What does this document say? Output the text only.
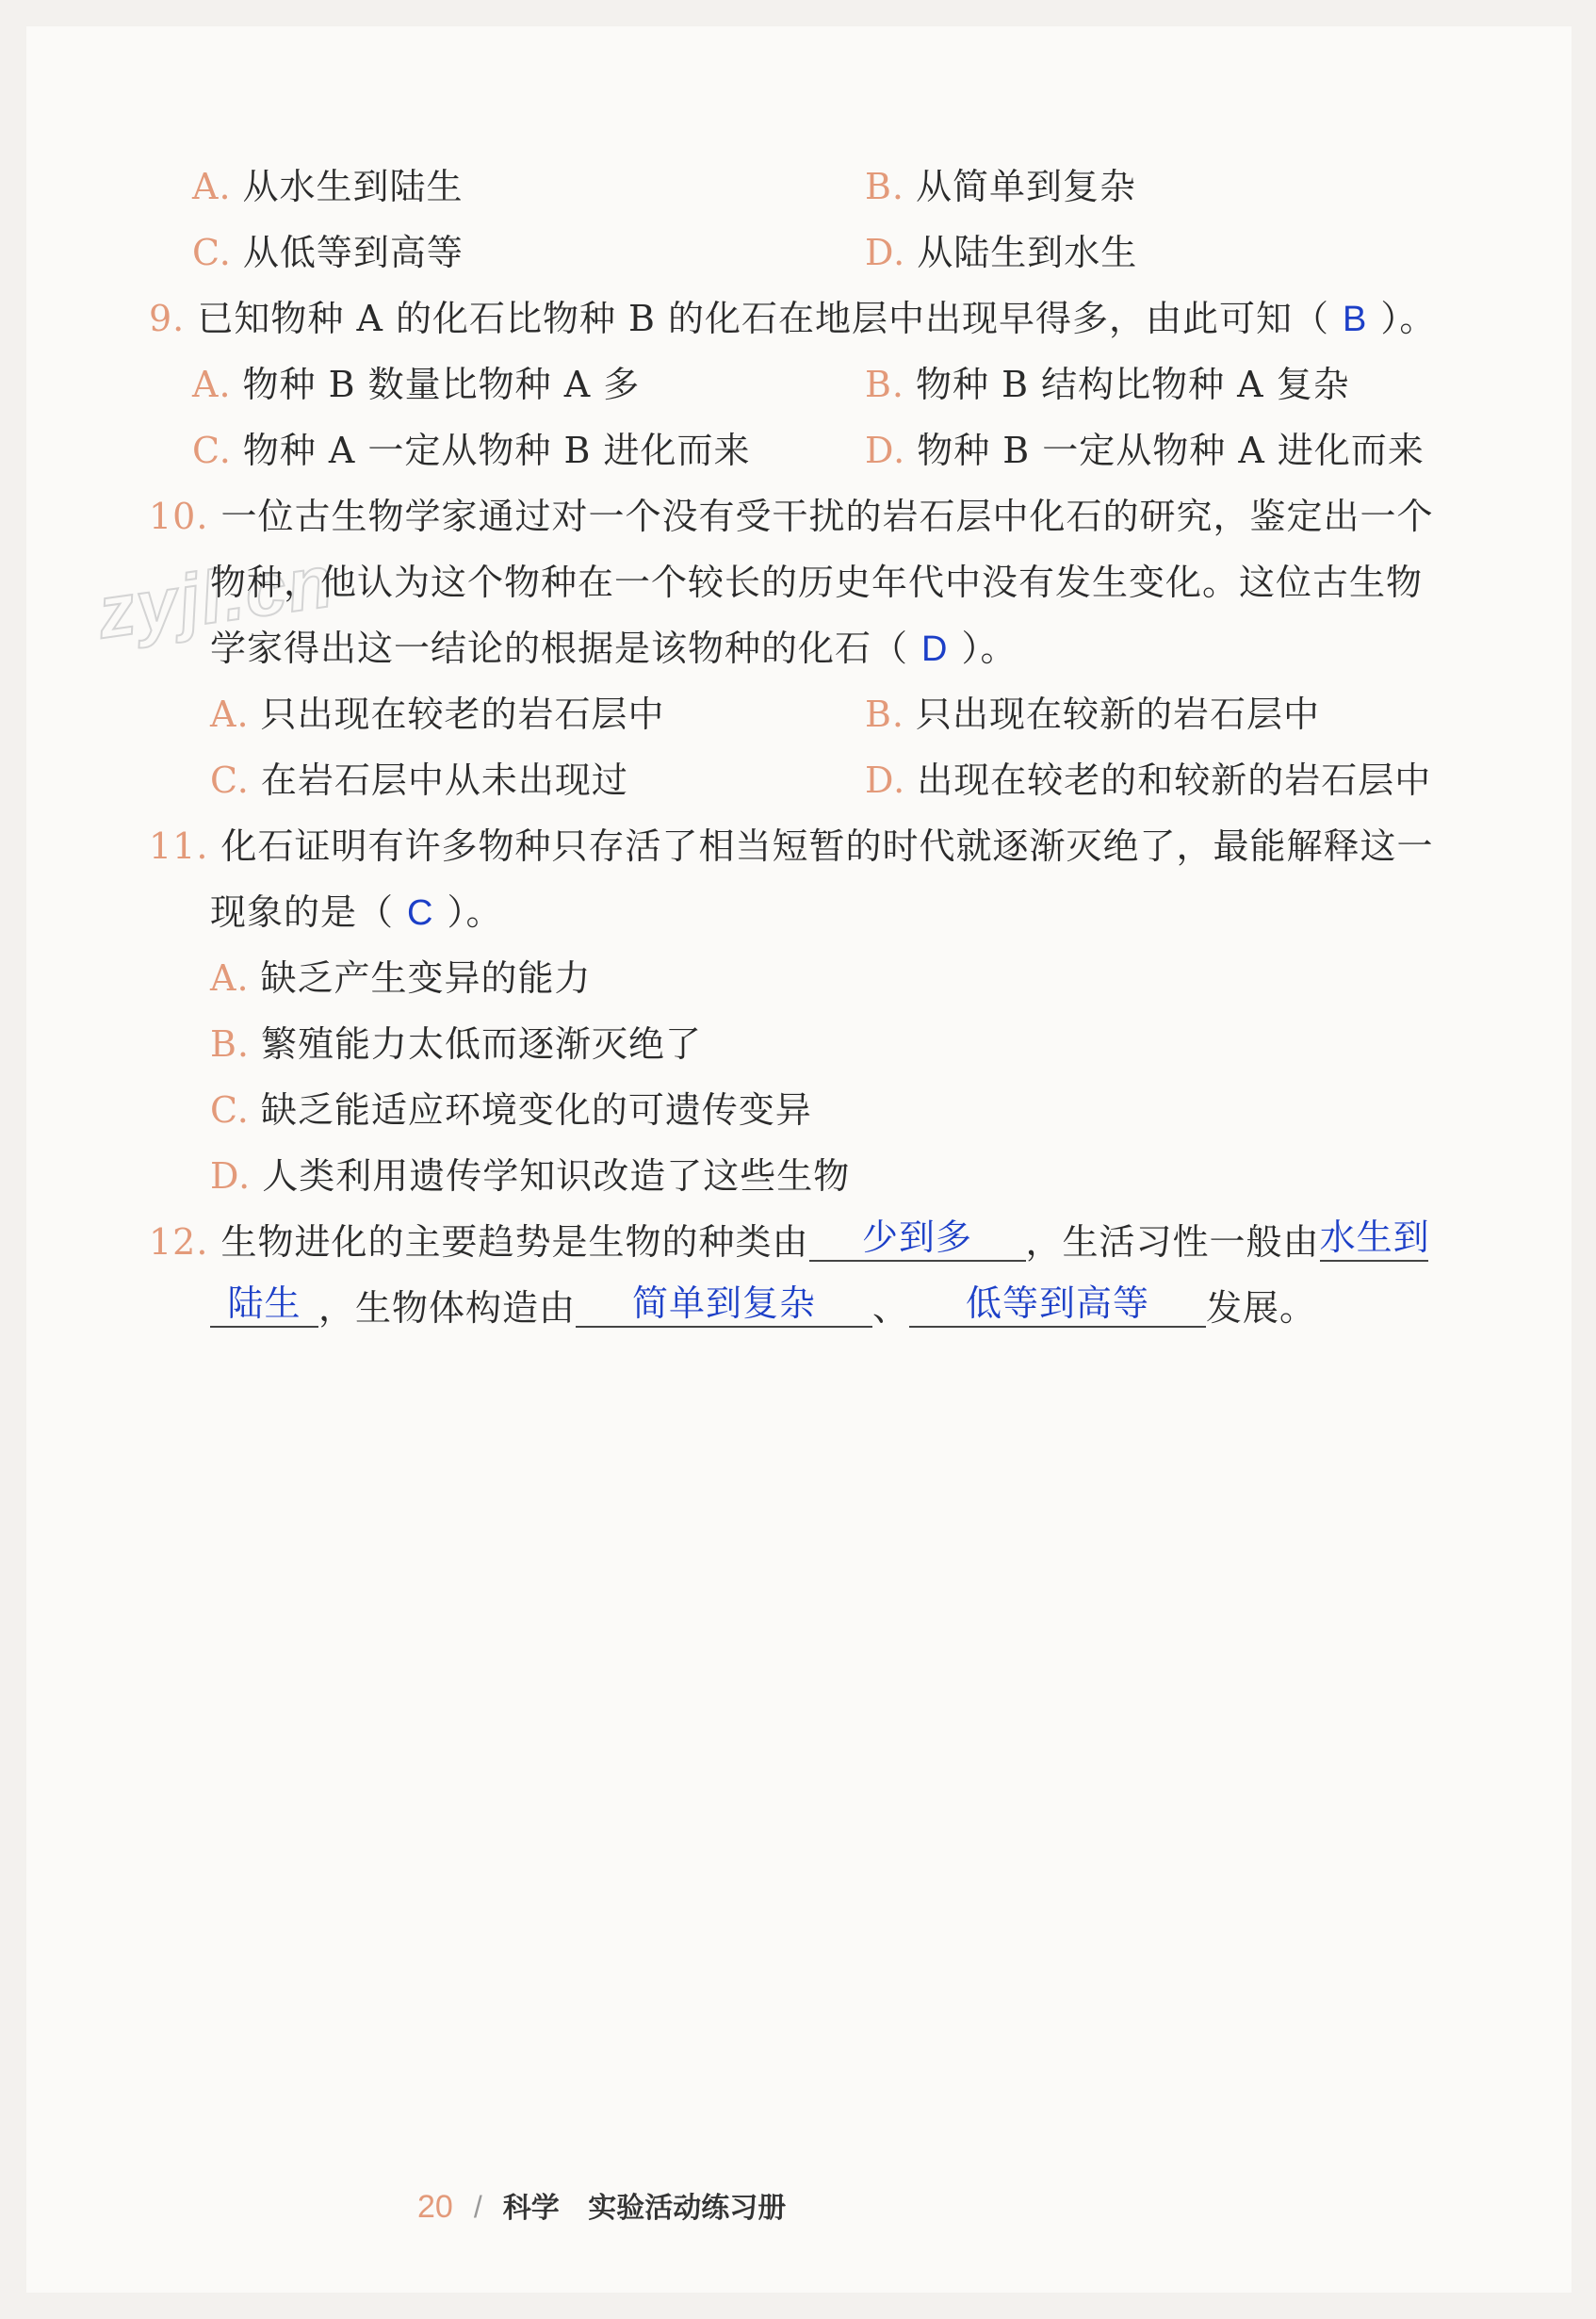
zyjl.cn
A. 从水生到陆生	B. 从简单到复杂
C. 从低等到高等	D. 从陆生到水生
9. 已知物种 A 的化石比物种 B 的化石在地层中出现早得多，由此可知（ B ）。
A. 物种 B 数量比物种 A 多	B. 物种 B 结构比物种 A 复杂
C. 物种 A 一定从物种 B 进化而来	D. 物种 B 一定从物种 A 进化而来
10. 一位古生物学家通过对一个没有受干扰的岩石层中化石的研究，鉴定出一个
物种，他认为这个物种在一个较长的历史年代中没有发生变化。这位古生物
学家得出这一结论的根据是该物种的化石（ D ）。
A. 只出现在较老的岩石层中	B. 只出现在较新的岩石层中
C. 在岩石层中从未出现过	D. 出现在较老的和较新的岩石层中
11. 化石证明有许多物种只存活了相当短暂的时代就逐渐灭绝了，最能解释这一
现象的是（ C ）。
A. 缺乏产生变异的能力
B. 繁殖能力太低而逐渐灭绝了
C. 缺乏能适应环境变化的可遗传变异
D. 人类利用遗传学知识改造了这些生物
12. 生物进化的主要趋势是生物的种类由 少到多 ，生活习性一般由水生到
陆生 ，生物体构造由 简单到复杂 、 低等到高等 发展。
20 / 科学 实验活动练习册
